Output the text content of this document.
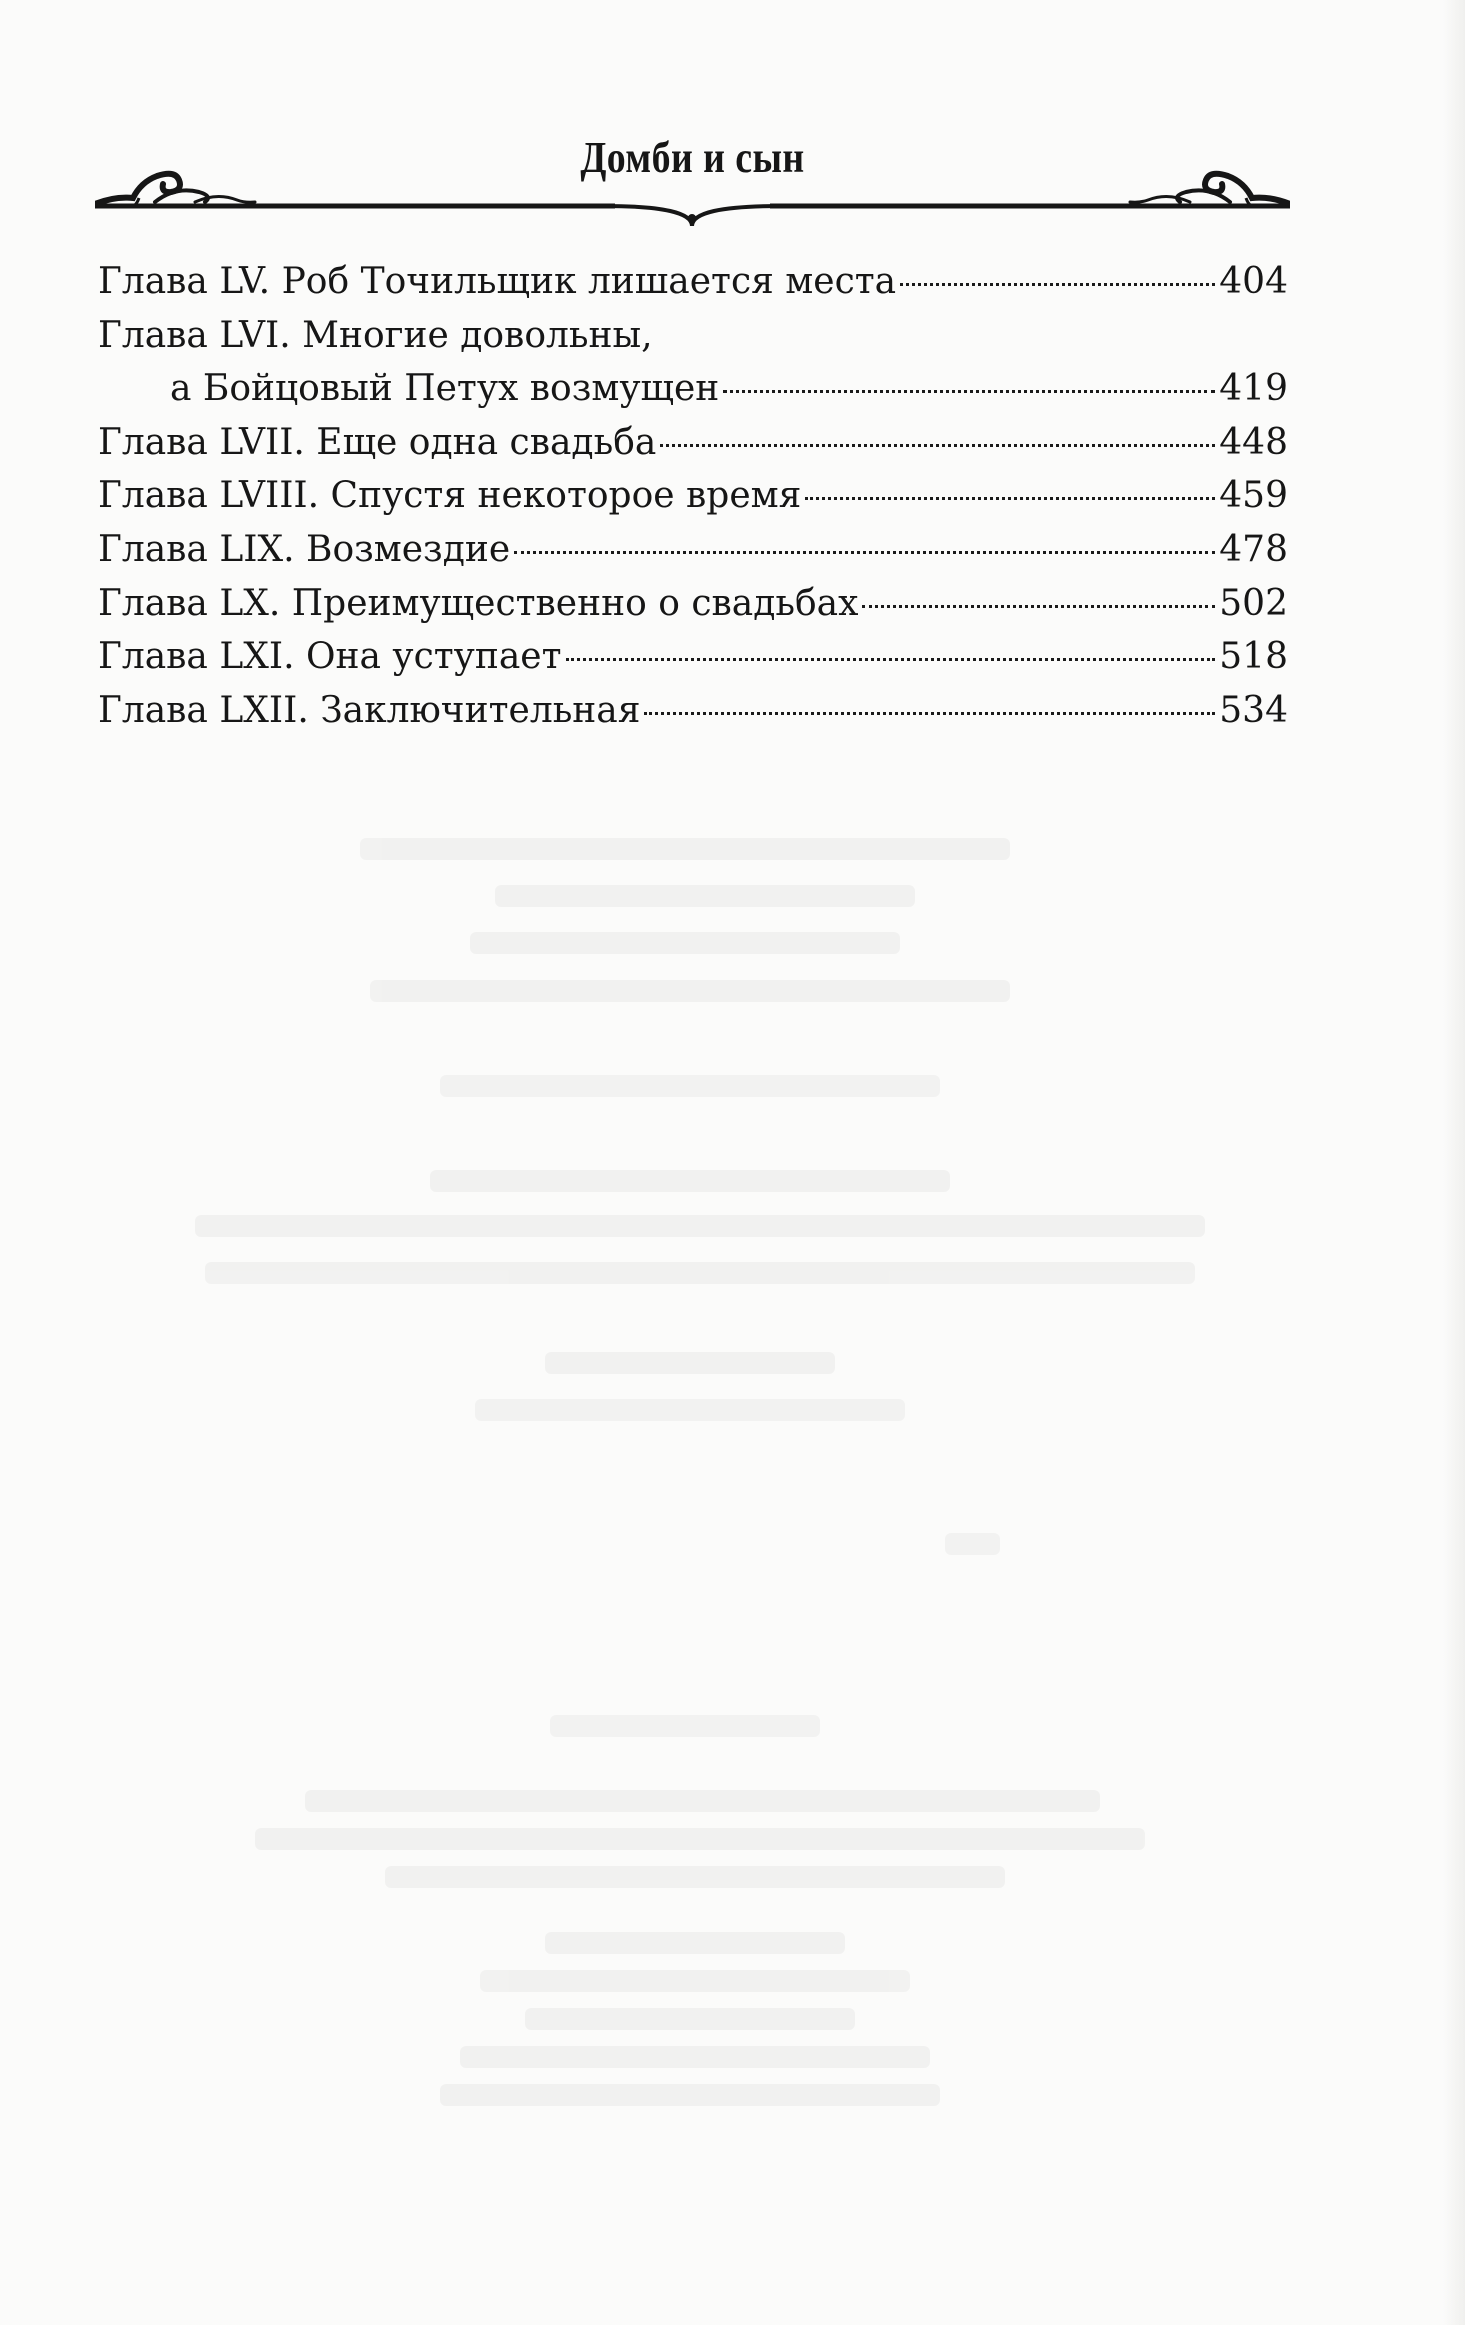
Домби и сын
Глава LV. Роб Точильщик лишается места	404
Глава LVI. Многие довольны,
а Бойцовый Петух возмущен	419
Глава LVII. Еще одна свадьба	448
Глава LVIII. Спустя некоторое время	459
Глава LIX. Возмездие	478
Глава LX. Преимущественно о свадьбах	502
Глава LXI. Она уступает	518
Глава LXII. Заключительная	534
